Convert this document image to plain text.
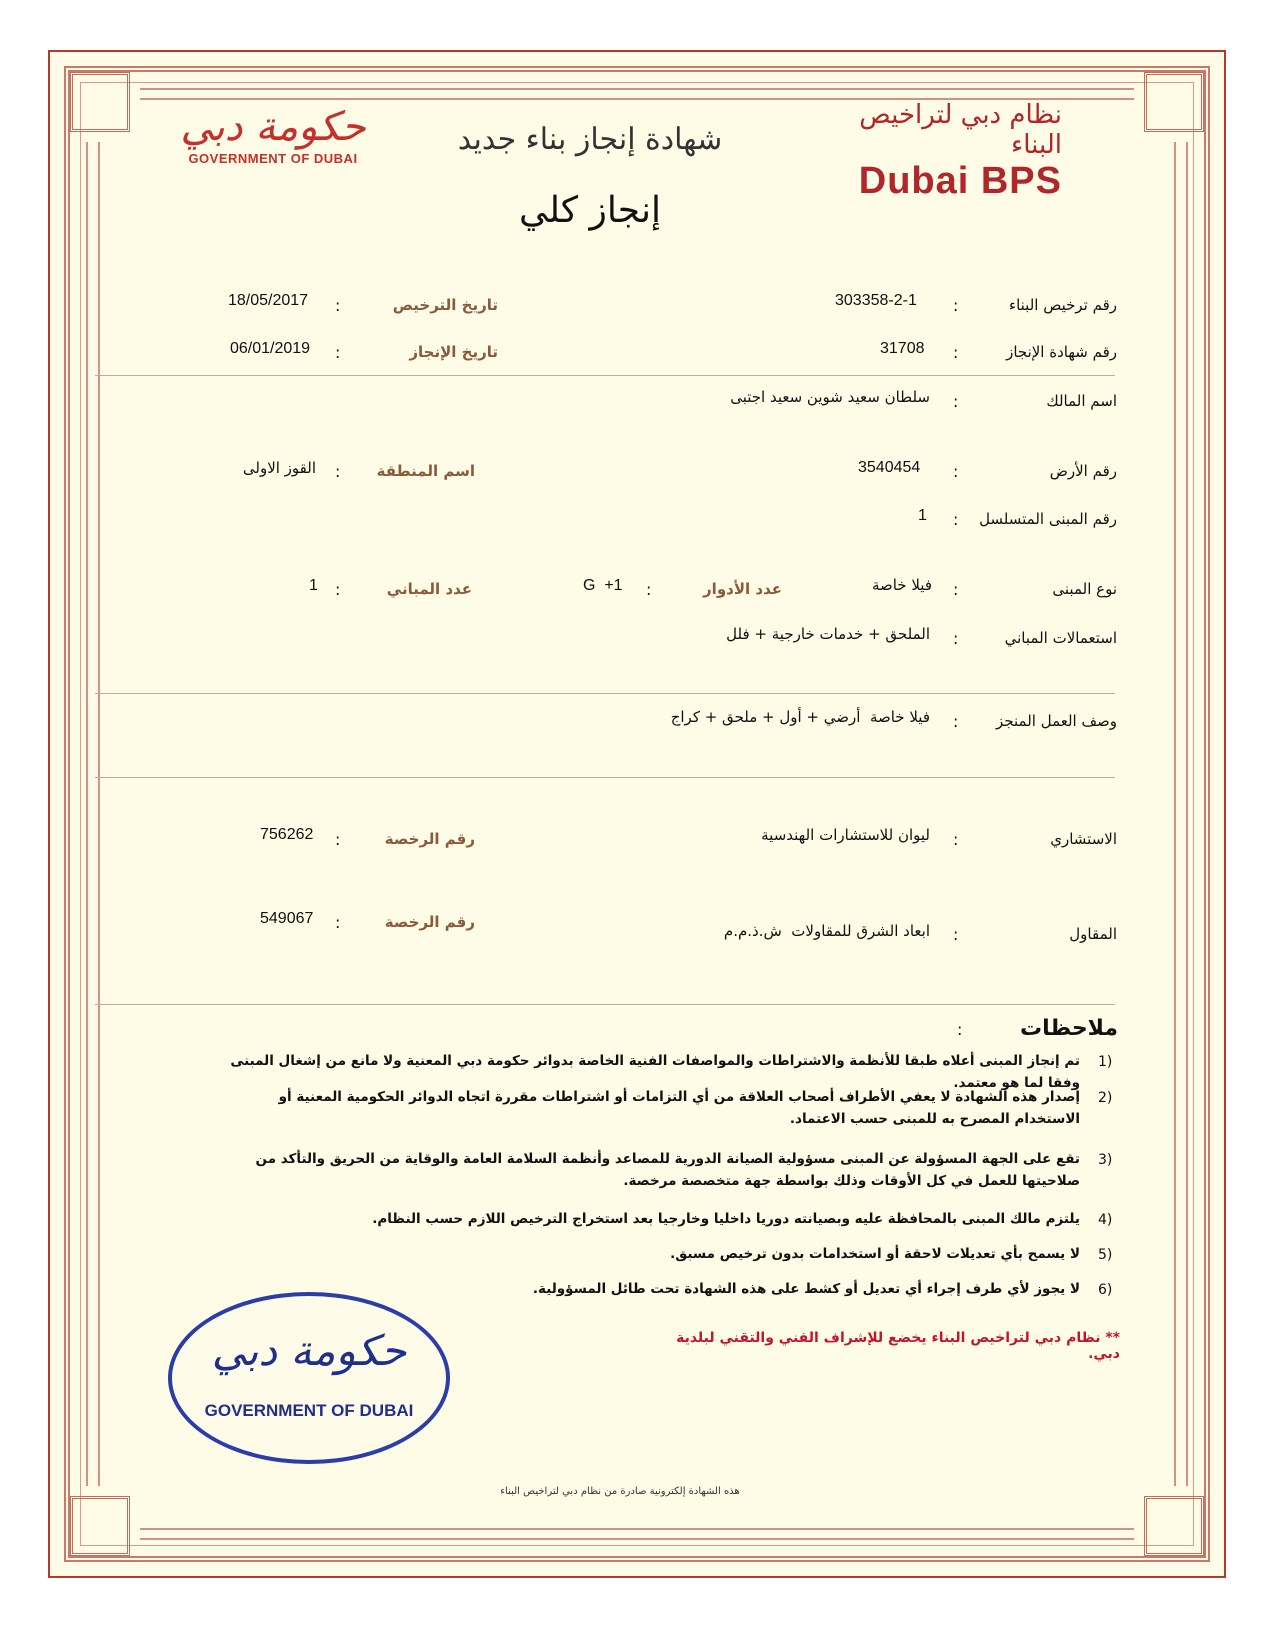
حكومة دبي
GOVERNMENT OF DUBAI
نظام دبي لتراخيص البناء
Dubai BPS
شهادة إنجاز بناء جديد
إنجاز كلي
رقم ترخيص البناء
:
303358-2-1
تاريخ الترخيص
:
18/05/2017
رقم شهادة الإنجاز
:
31708
تاريخ الإنجاز
:
06/01/2019
اسم المالك
:
سلطان سعيد شوين سعيد اجتبى
رقم الأرض
:
3540454
اسم المنطقة
:
القوز الاولى
رقم المبنى المتسلسل
:
1
نوع المبنى
:
فيلا خاصة
عدد الأدوار
:
G  +1
عدد المباني
:
1
استعمالات المباني
:
الملحق + خدمات خارجية + فلل
وصف العمل المنجز
:
فيلا خاصة  أرضي + أول + ملحق + كراج
الاستشاري
:
ليوان للاستشارات الهندسية
رقم الرخصة
:
756262
المقاول
:
ابعاد الشرق للمقاولات  ش.ذ.م.م
رقم الرخصة
:
549067
ملاحظات
:
1)
تم إنجاز المبنى أعلاه طبقا للأنظمة والاشتراطات والمواصفات الفنية الخاصة بدوائر حكومة دبي المعنية ولا مانع من إشغال المبنى وفقا لما هو معتمد.
2)
إصدار هذه الشهادة لا يعفي الأطراف أصحاب العلاقة من أي التزامات أو اشتراطات مقررة اتجاه الدوائر الحكومية المعنية أو الاستخدام المصرح به للمبنى حسب الاعتماد.
3)
تقع على الجهة المسؤولة عن المبنى مسؤولية الصيانة الدورية للمصاعد وأنظمة السلامة العامة والوقاية من الحريق والتأكد من صلاحيتها للعمل في كل الأوقات وذلك بواسطة جهة متخصصة مرخصة.
4)
يلتزم مالك المبنى بالمحافظة عليه وبصيانته دوريا داخليا وخارجيا بعد استخراج الترخيص اللازم حسب النظام.
5)
لا يسمح بأي تعديلات لاحقة أو استخدامات بدون ترخيص مسبق.
6)
لا يجوز لأي طرف إجراء أي تعديل أو كشط على هذه الشهادة تحت طائل المسؤولية.
** نظام دبي لتراخيص البناء يخضع للإشراف الفني والتقني لبلدية دبي.
حكومة دبي
GOVERNMENT OF DUBAI
هذه الشهادة إلكترونية صادرة من نظام دبي لتراخيص البناء
